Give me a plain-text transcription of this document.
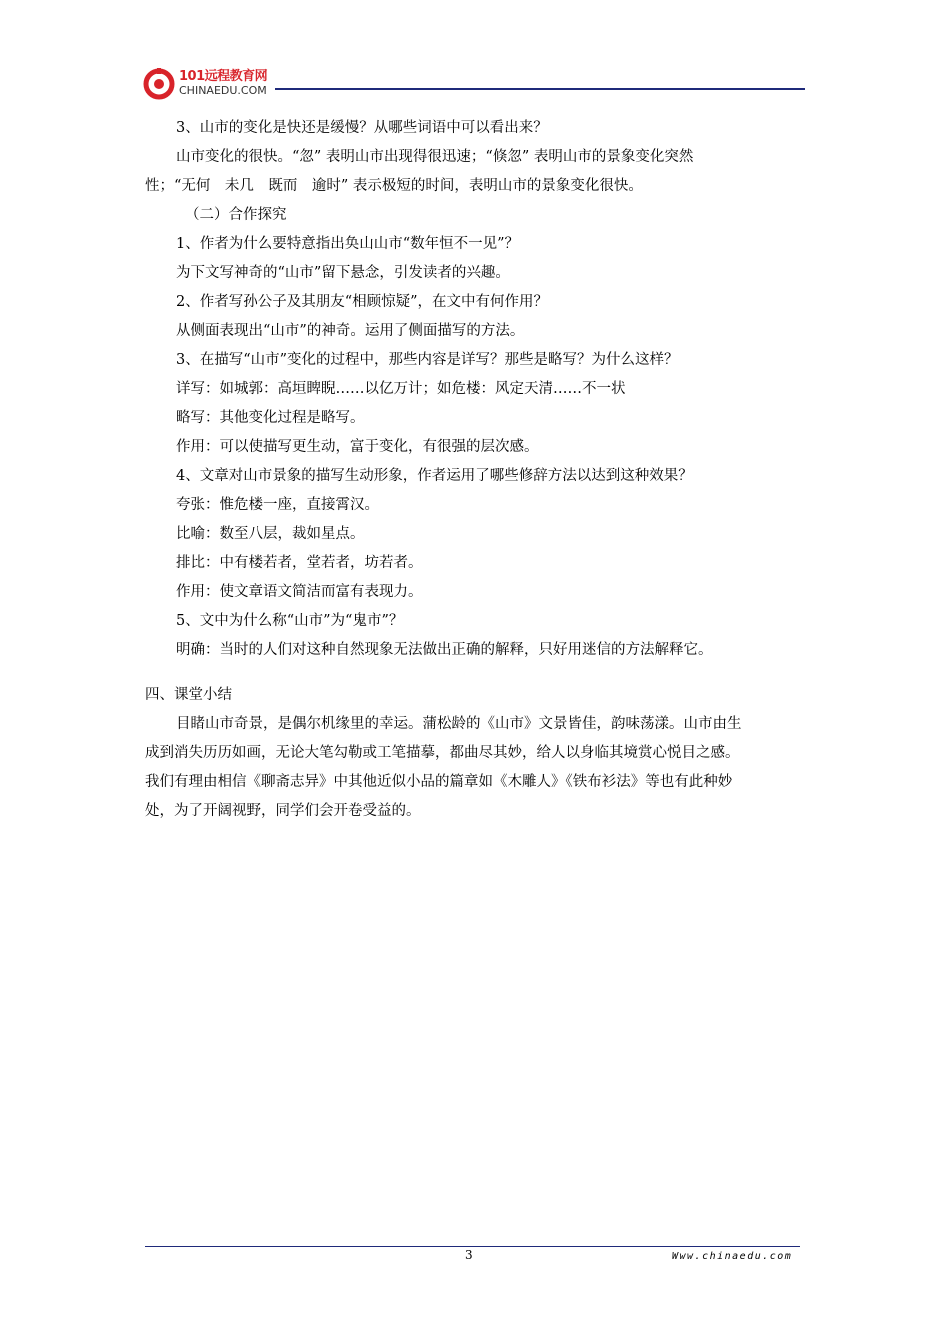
101远程教育网
CHINAEDU.COM
3、山市的变化是快还是缓慢？从哪些词语中可以看出来？
山市变化的很快。“忽” 表明山市出现得很迅速；“倏忽” 表明山市的景象变化突然
性；“无何　未几　既而　逾时” 表示极短的时间，表明山市的景象变化很快。
（二）合作探究
1、作者为什么要特意指出奂山山市“数年恒不一见”？
为下文写神奇的“山市”留下悬念，引发读者的兴趣。
2、作者写孙公子及其朋友“相顾惊疑”，在文中有何作用？
从侧面表现出“山市”的神奇。运用了侧面描写的方法。
3、在描写“山市”变化的过程中，那些内容是详写？那些是略写？为什么这样？
详写：如城郭：高垣睥睨……以亿万计；如危楼：风定天清……不一状
略写：其他变化过程是略写。
作用：可以使描写更生动，富于变化，有很强的层次感。
4、文章对山市景象的描写生动形象，作者运用了哪些修辞方法以达到这种效果？
夸张：惟危楼一座，直接霄汉。
比喻：数至八层，裁如星点。
排比：中有楼若者，堂若者，坊若者。
作用：使文章语文简洁而富有表现力。
5、文中为什么称“山市”为“鬼市”？
明确：当时的人们对这种自然现象无法做出正确的解释，只好用迷信的方法解释它。
四、课堂小结
目睹山市奇景，是偶尔机缘里的幸运。蒲松龄的《山市》文景皆佳，韵味荡漾。山市由生
成到消失历历如画，无论大笔勾勒或工笔描摹，都曲尽其妙，给人以身临其境赏心悦目之感。
我们有理由相信《聊斋志异》中其他近似小品的篇章如《木雕人》《铁布衫法》等也有此种妙
处，为了开阔视野，同学们会开卷受益的。
3	Www.chinaedu.com
